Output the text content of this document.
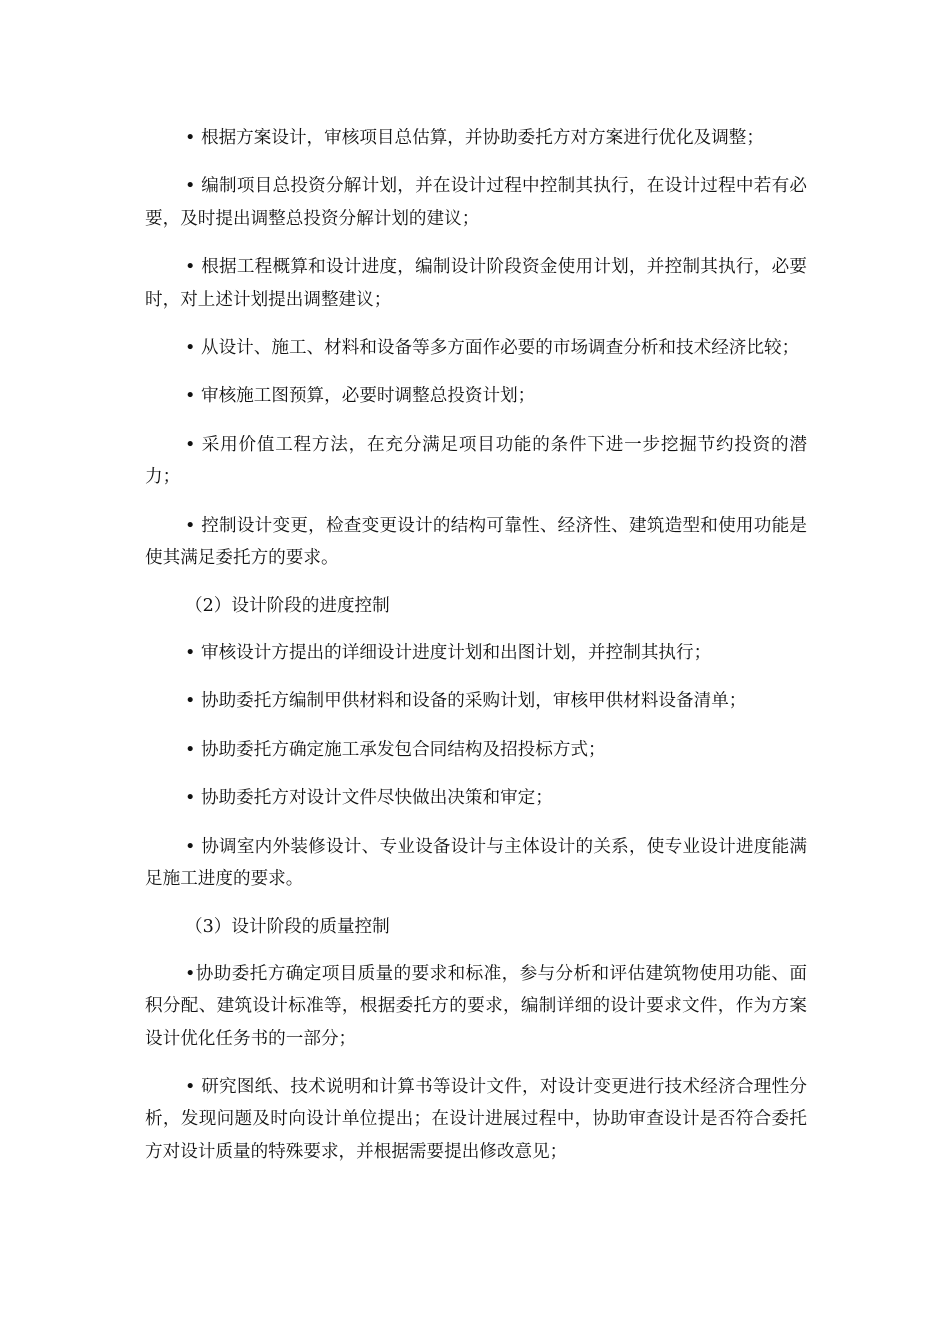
• 根据方案设计，审核项目总估算，并协助委托方对方案进行优化及调整；

• 编制项目总投资分解计划，并在设计过程中控制其执行，在设计过程中若有必要，及时提出调整总投资分解计划的建议；

• 根据工程概算和设计进度，编制设计阶段资金使用计划，并控制其执行，必要时，对上述计划提出调整建议；

• 从设计、施工、材料和设备等多方面作必要的市场调查分析和技术经济比较；

• 审核施工图预算，必要时调整总投资计划；

• 采用价值工程方法，在充分满足项目功能的条件下进一步挖掘节约投资的潜力；

• 控制设计变更，检查变更设计的结构可靠性、经济性、建筑造型和使用功能是使其满足委托方的要求。

（2）设计阶段的进度控制

• 审核设计方提出的详细设计进度计划和出图计划，并控制其执行；

• 协助委托方编制甲供材料和设备的采购计划，审核甲供材料设备清单；

• 协助委托方确定施工承发包合同结构及招投标方式；

• 协助委托方对设计文件尽快做出决策和审定；

• 协调室内外装修设计、专业设备设计与主体设计的关系，使专业设计进度能满足施工进度的要求。

（3）设计阶段的质量控制

•协助委托方确定项目质量的要求和标准，参与分析和评估建筑物使用功能、面积分配、建筑设计标准等，根据委托方的要求，编制详细的设计要求文件，作为方案设计优化任务书的一部分；

• 研究图纸、技术说明和计算书等设计文件，对设计变更进行技术经济合理性分析，发现问题及时向设计单位提出；在设计进展过程中，协助审查设计是否符合委托方对设计质量的特殊要求，并根据需要提出修改意见；
